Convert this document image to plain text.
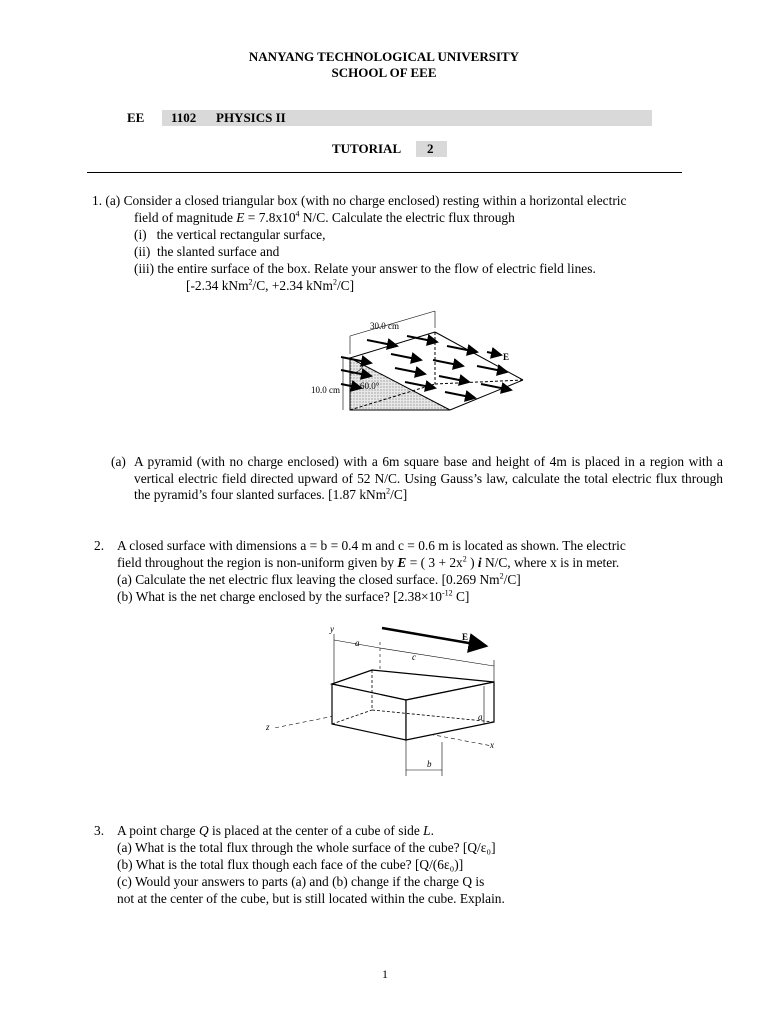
NANYANG TECHNOLOGICAL UNIVERSITY
SCHOOL OF EEE
EE 1102 PHYSICS II
TUTORIAL	2
1. (a) Consider a closed triangular box (with no charge enclosed) resting within a horizontal electric
field of magnitude $E = 7.8x10^4$ N/C. Calculate the electric flux through
(i)   the vertical rectangular surface,
(ii)  the slanted surface and
(iii) the entire surface of the box. Relate your answer to the flow of electric field lines.
[-2.34 kNm$^2$/C, +2.34 kNm$^2$/C]
30.0 cm
E
10.0 cm 60.0°
(a) A pyramid (with no charge enclosed) with a 6m square base and height of 4m is placed in a region with a vertical electric field directed upward of 52 N/C. Using Gauss’s law, calculate the total electric flux through the pyramid’s four slanted surfaces. [1.87 kNm$^2$/C]
2. A closed surface with dimensions a = b = 0.4 m and c = 0.6 m is located as shown. The electric
field throughout the region is non-uniform given by E = ( $3 + 2x^2$ ) i N/C, where x is in meter.
(a) Calculate the net electric flux leaving the closed surface. [0.269 Nm$^2$/C]
(b) What is the net charge enclosed by the surface? [$2.38\times 10^{-12}$ C]
y
z
x
E
a
c
a
b
3. A point charge Q is placed at the center of a cube of side L.
(a) What is the total flux through the whole surface of the cube? [Q/ε₀]
(b) What is the total flux though each face of the cube? [Q/(6ε₀)]
(c) Would your answers to parts (a) and (b) change if the charge Q is
not at the center of the cube, but is still located within the cube. Explain.
1
